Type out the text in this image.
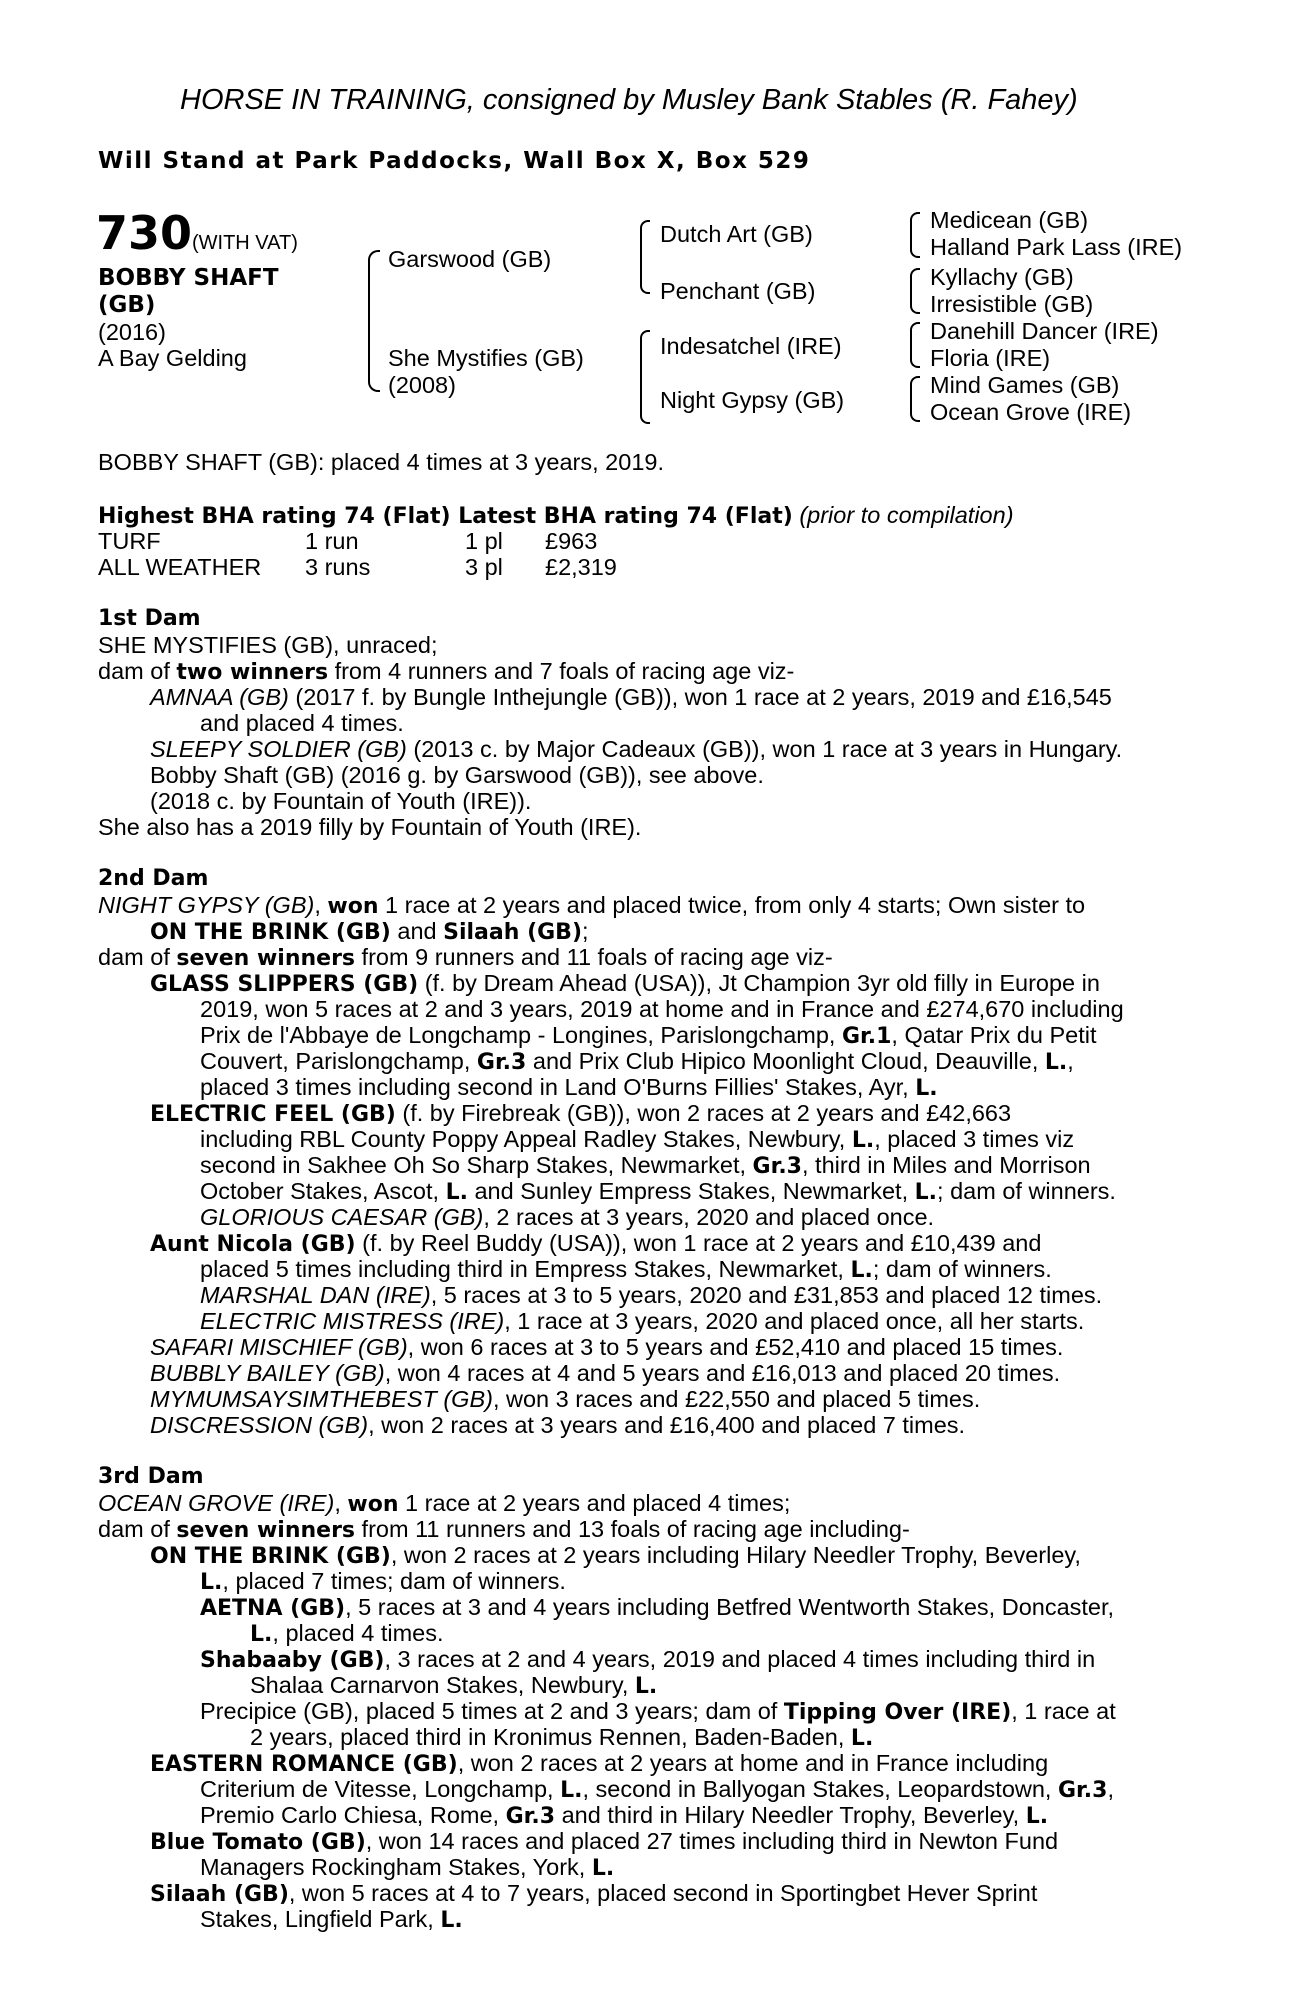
HORSE IN TRAINING, consigned by Musley Bank Stables (R. Fahey)
Will Stand at Park Paddocks, Wall Box X, Box 529
730 (WITH VAT)
BOBBY SHAFT
(GB)
(2016)
A Bay Gelding
Garswood (GB)
She Mystifies (GB)
(2008)
Dutch Art (GB)
Penchant (GB)
Indesatchel (IRE)
Night Gypsy (GB)
Medicean (GB)
Halland Park Lass (IRE)
Kyllachy (GB)
Irresistible (GB)
Danehill Dancer (IRE)
Floria (IRE)
Mind Games (GB)
Ocean Grove (IRE)
BOBBY SHAFT (GB): placed 4 times at 3 years, 2019.
Highest BHA rating 74 (Flat) Latest BHA rating 74 (Flat) (prior to compilation)
TURF	1 run	1 pl £963
ALL WEATHER 3 runs	3 pl £2,319
1st Dam
SHE MYSTIFIES (GB), unraced;
dam of two winners from 4 runners and 7 foals of racing age viz-
AMNAA (GB) (2017 f. by Bungle Inthejungle (GB)), won 1 race at 2 years, 2019 and £16,545
and placed 4 times.
SLEEPY SOLDIER (GB) (2013 c. by Major Cadeaux (GB)), won 1 race at 3 years in Hungary.
Bobby Shaft (GB) (2016 g. by Garswood (GB)), see above.
(2018 c. by Fountain of Youth (IRE)).
She also has a 2019 filly by Fountain of Youth (IRE).
2nd Dam
NIGHT GYPSY (GB), won 1 race at 2 years and placed twice, from only 4 starts; Own sister to
ON THE BRINK (GB) and Silaah (GB);
dam of seven winners from 9 runners and 11 foals of racing age viz-
GLASS SLIPPERS (GB) (f. by Dream Ahead (USA)), Jt Champion 3yr old filly in Europe in
2019, won 5 races at 2 and 3 years, 2019 at home and in France and £274,670 including
Prix de l'Abbaye de Longchamp - Longines, Parislongchamp, Gr.1, Qatar Prix du Petit
Couvert, Parislongchamp, Gr.3 and Prix Club Hipico Moonlight Cloud, Deauville, L.,
placed 3 times including second in Land O'Burns Fillies' Stakes, Ayr, L.
ELECTRIC FEEL (GB) (f. by Firebreak (GB)), won 2 races at 2 years and £42,663
including RBL County Poppy Appeal Radley Stakes, Newbury, L., placed 3 times viz
second in Sakhee Oh So Sharp Stakes, Newmarket, Gr.3, third in Miles and Morrison
October Stakes, Ascot, L. and Sunley Empress Stakes, Newmarket, L.; dam of winners.
GLORIOUS CAESAR (GB), 2 races at 3 years, 2020 and placed once.
Aunt Nicola (GB) (f. by Reel Buddy (USA)), won 1 race at 2 years and £10,439 and
placed 5 times including third in Empress Stakes, Newmarket, L.; dam of winners.
MARSHAL DAN (IRE), 5 races at 3 to 5 years, 2020 and £31,853 and placed 12 times.
ELECTRIC MISTRESS (IRE), 1 race at 3 years, 2020 and placed once, all her starts.
SAFARI MISCHIEF (GB), won 6 races at 3 to 5 years and £52,410 and placed 15 times.
BUBBLY BAILEY (GB), won 4 races at 4 and 5 years and £16,013 and placed 20 times.
MYMUMSAYSIMTHEBEST (GB), won 3 races and £22,550 and placed 5 times.
DISCRESSION (GB), won 2 races at 3 years and £16,400 and placed 7 times.
3rd Dam
OCEAN GROVE (IRE), won 1 race at 2 years and placed 4 times;
dam of seven winners from 11 runners and 13 foals of racing age including-
ON THE BRINK (GB), won 2 races at 2 years including Hilary Needler Trophy, Beverley,
L., placed 7 times; dam of winners.
AETNA (GB), 5 races at 3 and 4 years including Betfred Wentworth Stakes, Doncaster,
L., placed 4 times.
Shabaaby (GB), 3 races at 2 and 4 years, 2019 and placed 4 times including third in
Shalaa Carnarvon Stakes, Newbury, L.
Precipice (GB), placed 5 times at 2 and 3 years; dam of Tipping Over (IRE), 1 race at
2 years, placed third in Kronimus Rennen, Baden-Baden, L.
EASTERN ROMANCE (GB), won 2 races at 2 years at home and in France including
Criterium de Vitesse, Longchamp, L., second in Ballyogan Stakes, Leopardstown, Gr.3,
Premio Carlo Chiesa, Rome, Gr.3 and third in Hilary Needler Trophy, Beverley, L.
Blue Tomato (GB), won 14 races and placed 27 times including third in Newton Fund
Managers Rockingham Stakes, York, L.
Silaah (GB), won 5 races at 4 to 7 years, placed second in Sportingbet Hever Sprint
Stakes, Lingfield Park, L.
